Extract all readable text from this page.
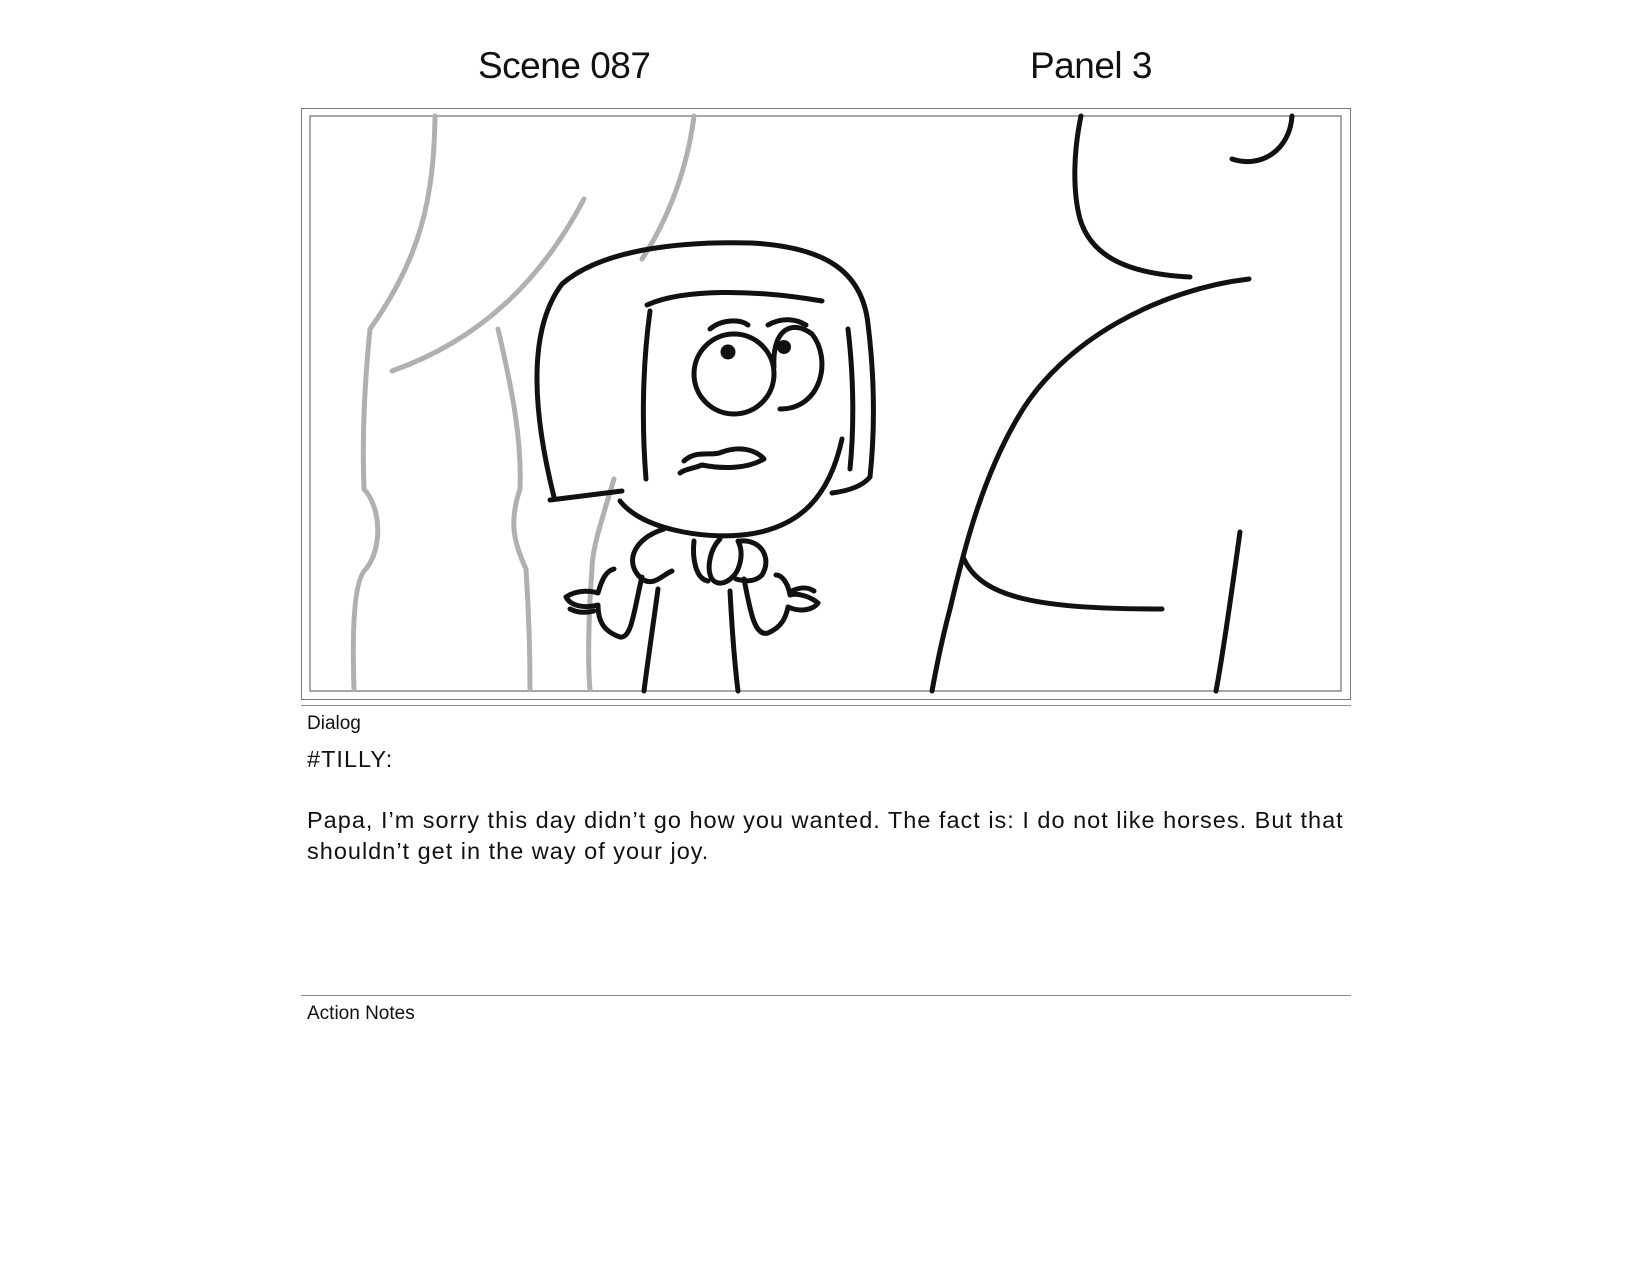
Scene 087	Panel 3
Dialog
#TILLY:
Papa, I’m sorry this day didn’t go how you wanted. The fact is: I do not like horses. But that shouldn’t get in the way of your joy.
Action Notes
